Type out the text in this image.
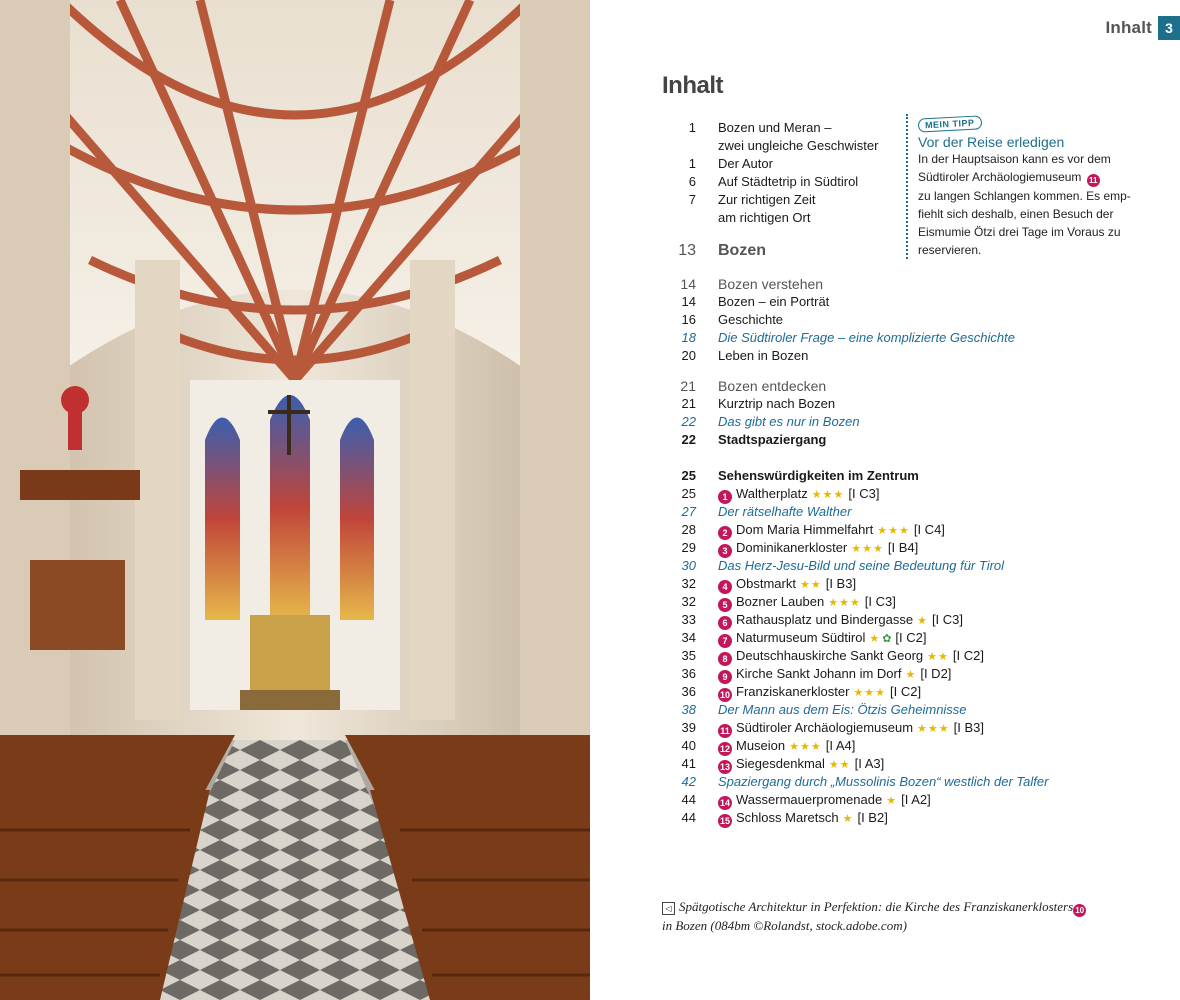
Inhalt 3
Inhalt
1 Bozen und Meran –
zwei ungleiche Geschwister
1 Der Autor
6 Auf Städtetrip in Südtirol
7 Zur richtigen Zeit
am richtigen Ort
13 Bozen
14 Bozen verstehen
14 Bozen – ein Porträt
16 Geschichte
18 Die Südtiroler Frage – eine komplizierte Geschichte
20 Leben in Bozen
21 Bozen entdecken
21 Kurztrip nach Bozen
22 Das gibt es nur in Bozen
22 Stadtspaziergang
25 Sehenswürdigkeiten im Zentrum
25	1 Waltherplatz ★★★ [I C3]
27 Der rätselhafte Walther
28	2 Dom Maria Himmelfahrt ★★★ [I C4]
29	3 Dominikanerkloster ★★★ [I B4]
30 Das Herz-Jesu-Bild und seine Bedeutung für Tirol
32	4 Obstmarkt ★★ [I B3]
32	5 Bozner Lauben ★★★ [I C3]
33	6 Rathausplatz und Bindergasse ★ [I C3]
34	7 Naturmuseum Südtirol ★ ✿ [I C2]
35	8 Deutschhauskirche Sankt Georg ★★ [I C2]
36	9 Kirche Sankt Johann im Dorf ★ [I D2]
36	10 Franziskanerkloster ★★★ [I C2]
38 Der Mann aus dem Eis: Ötzis Geheimnisse
39	11 Südtiroler Archäologiemuseum ★★★ [I B3]
40	12 Museion ★★★ [I A4]
41	13 Siegesdenkmal ★★ [I A3]
42 Spaziergang durch „Mussolinis Bozen“ westlich der Talfer
44	14 Wassermauerpromenade ★ [I A2]
44	15 Schloss Maretsch ★ [I B2]
MEIN TIPP
Vor der Reise erledigen
In der Hauptsaison kann es vor dem
Südtiroler Archäologiemuseum 11
zu langen Schlangen kommen. Es emp-
fiehlt sich deshalb, einen Besuch der
Eismumie Ötzi drei Tage im Voraus zu
reservieren.
◁ Spätgotische Architektur in Perfektion: die Kirche des Franziskanerklosters 10
in Bozen (084bm ©Rolandst, stock.adobe.com)
